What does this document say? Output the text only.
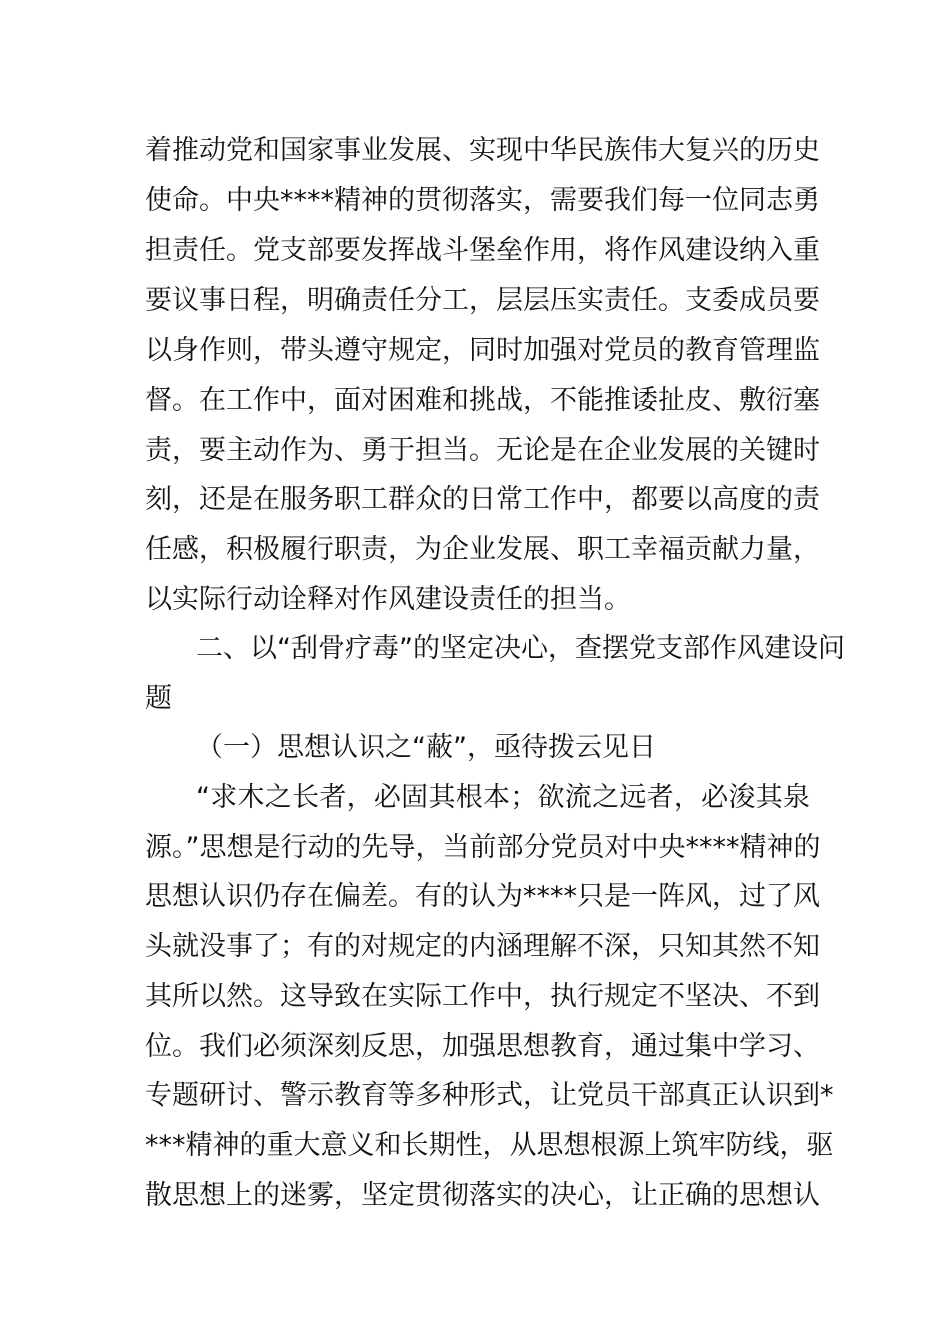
着推动党和国家事业发展、实现中华民族伟大复兴的历史
使命。中央****精神的贯彻落实，需要我们每一位同志勇
担责任。党支部要发挥战斗堡垒作用，将作风建设纳入重
要议事日程，明确责任分工，层层压实责任。支委成员要
以身作则，带头遵守规定，同时加强对党员的教育管理监
督。在工作中，面对困难和挑战，不能推诿扯皮、敷衍塞
责，要主动作为、勇于担当。无论是在企业发展的关键时
刻，还是在服务职工群众的日常工作中，都要以高度的责
任感，积极履行职责，为企业发展、职工幸福贡献力量，
以实际行动诠释对作风建设责任的担当。
二、以“刮骨疗毒”的坚定决心，查摆党支部作风建设问
题
（一）思想认识之“蔽”，亟待拨云见日
“求木之长者，必固其根本；欲流之远者，必浚其泉
源。”思想是行动的先导，当前部分党员对中央****精神的
思想认识仍存在偏差。有的认为****只是一阵风，过了风
头就没事了；有的对规定的内涵理解不深，只知其然不知
其所以然。这导致在实际工作中，执行规定不坚决、不到
位。我们必须深刻反思，加强思想教育，通过集中学习、
专题研讨、警示教育等多种形式，让党员干部真正认识到*
***精神的重大意义和长期性，从思想根源上筑牢防线，驱
散思想上的迷雾，坚定贯彻落实的决心，让正确的思想认
